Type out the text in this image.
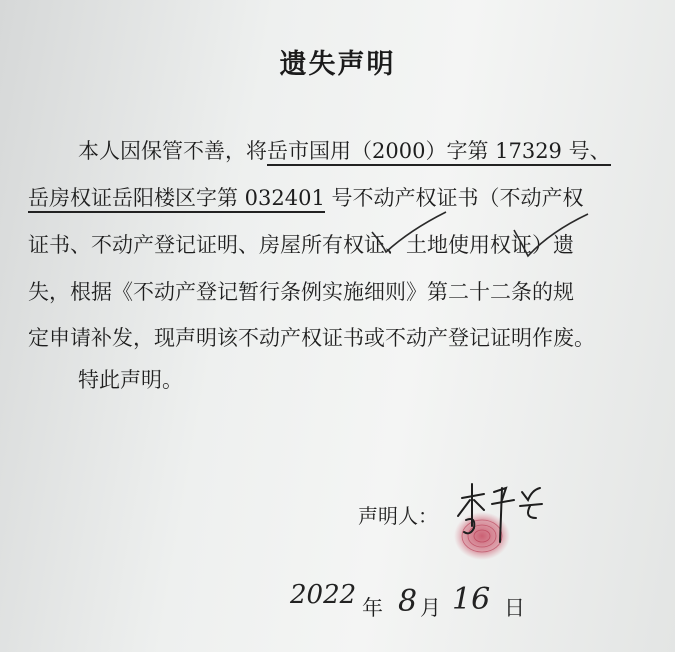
遗失声明
本人因保管不善，将岳市国用（2000）字第 17329 号、
岳房权证岳阳楼区字第 032401 号不动产权证书（不动产权
证书、不动产登记证明、房屋所有权证、土地使用权证）遗
失，根据《不动产登记暂行条例实施细则》第二十二条的规
定申请补发，现声明该不动产权证书或不动产登记证明作废。
特此声明。
声明人：
2022 年 8 月 16 日
